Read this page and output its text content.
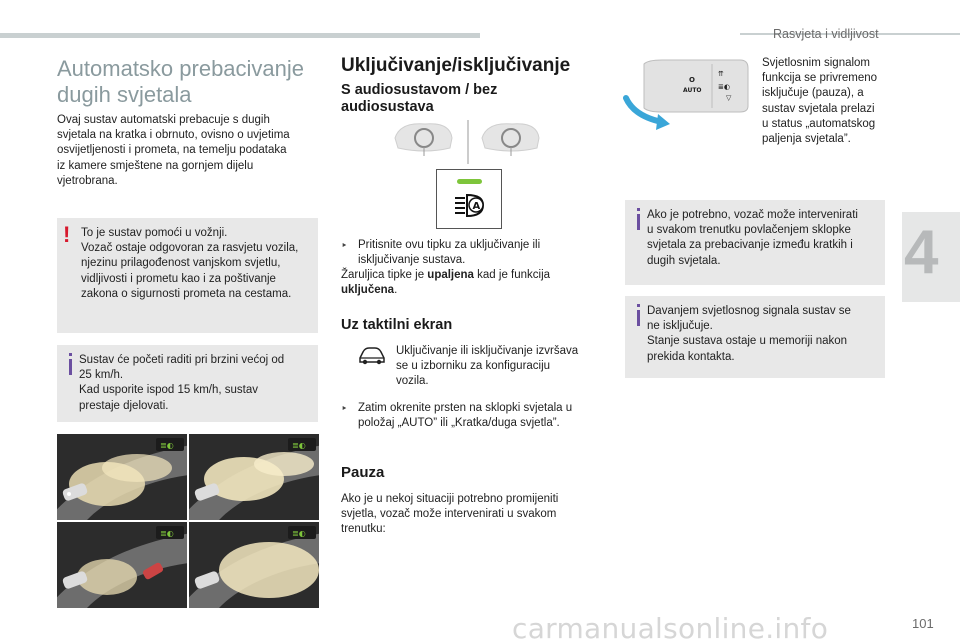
Rasvjeta i vidljivost
4
Automatsko prebacivanje
dugih svjetala
Ovaj sustav automatski prebacuje s dugih
svjetala na kratka i obrnuto, ovisno o uvjetima
osvijetljenosti i prometa, na temelju podataka
iz kamere smještene na gornjem dijelu
vjetrobrana.
! To je sustav pomoći u vožnji.
Vozač ostaje odgovoran za rasvjetu vozila,
njezinu prilagođenost vanjskom svjetlu,
vidljivosti i prometu kao i za poštivanje
zakona o sigurnosti prometa na cestama.
Sustav će početi raditi pri brzini većoj od
25 km/h.
Kad usporite ispod 15 km/h, sustav
prestaje djelovati.
≣◐	≣◐
≣◐	≣◐
Uključivanje/isključivanje
S audiosustavom / bez
audiosustava
A
‣ Pritisnite ovu tipku za uključivanje ili
isključivanje sustava.
Žaruljica tipke je upaljena kad je funkcija
uključena.
Uz taktilni ekran
Uključivanje ili isključivanje izvršava
se u izborniku za konfiguraciju
vozila.
‣ Zatim okrenite prsten na sklopki svjetala u
položaj „AUTO” ili „Kratka/duga svjetla”.
Pauza
Ako je u nekoj situaciji potrebno promijeniti
svjetla, vozač može intervenirati u svakom
trenutku:
O
AUTO
⇈
≣◐
▽
Svjetlosnim signalom
funkcija se privremeno
isključuje (pauza), a
sustav svjetala prelazi
u status „automatskog
paljenja svjetala”.
Ako je potrebno, vozač može intervenirati
u svakom trenutku povlačenjem sklopke
svjetala za prebacivanje između kratkih i
dugih svjetala.
Davanjem svjetlosnog signala sustav se
ne isključuje.
Stanje sustava ostaje u memoriji nakon
prekida kontakta.
carmanualsonline.info	101
